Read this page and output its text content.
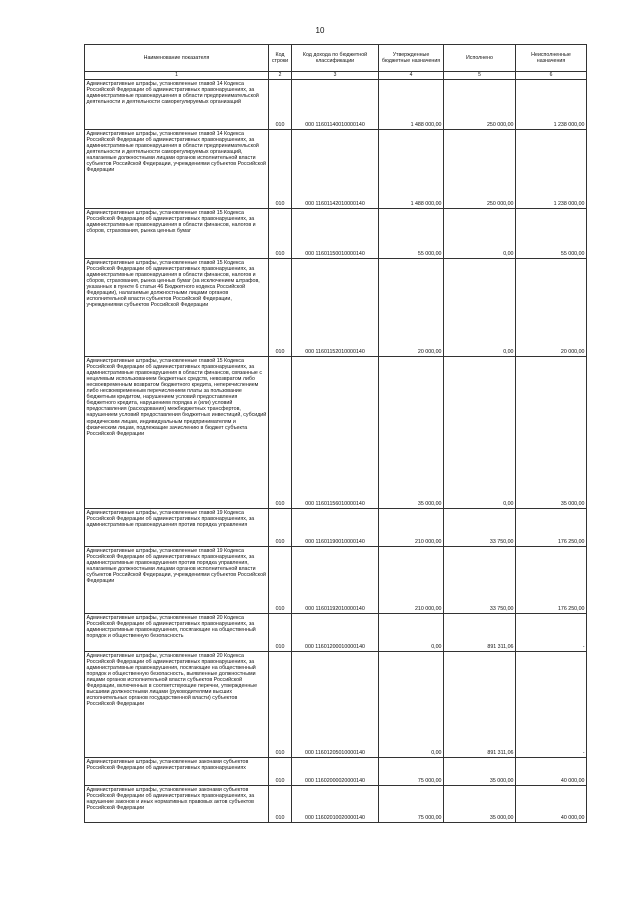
10
Наименование показателя	Код строки	Код дохода по бюджетной классификации	Утвержденные бюджетные назначения	Исполнено	Неисполненные назначения
1	2	3	4	5	6
Административные штрафы, установленные главой 14 Кодекса Российской Федерации об административных правонарушениях, за административные правонарушения в области предпринимательской деятельности и деятельности саморегулируемых организаций	010	000 11601140010000140	1 488 000,00	250 000,00	1 238 000,00
Административные штрафы, установленные главой 14 Кодекса Российской Федерации об административных правонарушениях, за административные правонарушения в области предпринимательской деятельности и деятельности саморегулируемых организаций, налагаемые должностными лицами органов исполнительной власти субъектов Российской Федерации, учреждениями субъектов Российской Федерации	010	000 11601142010000140	1 488 000,00	250 000,00	1 238 000,00
Административные штрафы, установленные главой 15 Кодекса Российской Федерации об административных правонарушениях, за административные правонарушения в области финансов, налогов и сборов, страхования, рынка ценных бумаг	010	000 11601150010000140	55 000,00	0,00	55 000,00
Административные штрафы, установленные главой 15 Кодекса Российской Федерации об административных правонарушениях, за административные правонарушения в области финансов, налогов и сборов, страхования, рынка ценных бумаг (за исключением штрафов, указанных в пункте 6 статьи 46 Бюджетного кодекса Российской Федерации), налагаемые должностными лицами органов исполнительной власти субъектов Российской Федерации, учреждениями субъектов Российской Федерации	010	000 11601152010000140	20 000,00	0,00	20 000,00
Административные штрафы, установленные главой 15 Кодекса Российской Федерации об административных правонарушениях, за административные правонарушения в области финансов, связанные с нецелевым использованием бюджетных средств, невозвратом либо несвоевременным возвратом бюджетного кредита, неперечислением либо несвоевременным перечислением платы за пользование бюджетным кредитом, нарушением условий предоставления бюджетного кредита, нарушением порядка и (или) условий предоставления (расходования) межбюджетных трансфертов, нарушением условий предоставления бюджетных инвестиций, субсидий юридическим лицам, индивидуальным предпринимателям и физическим лицам, подлежащие зачислению в бюджет субъекта Российской Федерации	010	000 11601156010000140	35 000,00	0,00	35 000,00
Административные штрафы, установленные главой 19 Кодекса Российской Федерации об административных правонарушениях, за административные правонарушения против порядка управления	010	000 11601190010000140	210 000,00	33 750,00	176 250,00
Административные штрафы, установленные главой 19 Кодекса Российской Федерации об административных правонарушениях, за административные правонарушения против порядка управления, налагаемые должностными лицами органов исполнительной власти субъектов Российской Федерации, учреждениями субъектов Российской Федерации	010	000 11601192010000140	210 000,00	33 750,00	176 250,00
Административные штрафы, установленные главой 20 Кодекса Российской Федерации об административных правонарушениях, за административные правонарушения, посягающие на общественный порядок и общественную безопасность	010	000 11601200010000140	0,00	891 311,06	-
Административные штрафы, установленные главой 20 Кодекса Российской Федерации об административных правонарушениях, за административные правонарушения, посягающие на общественный порядок и общественную безопасность, выявленные должностными лицами органов исполнительной власти субъектов Российской Федерации, включенных в соответствующие перечни, утвержденные высшими должностными лицами (руководителями высших исполнительных органов государственной власти) субъектов Российской Федерации	010	000 11601205010000140	0,00	891 311,06	-
Административные штрафы, установленные законами субъектов Российской Федерации об административных правонарушениях	010	000 11602000020000140	75 000,00	35 000,00	40 000,00
Административные штрафы, установленные законами субъектов Российской Федерации об административных правонарушениях, за нарушение законов и иных нормативных правовых актов субъектов Российской Федерации	010	000 11602010020000140	75 000,00	35 000,00	40 000,00
